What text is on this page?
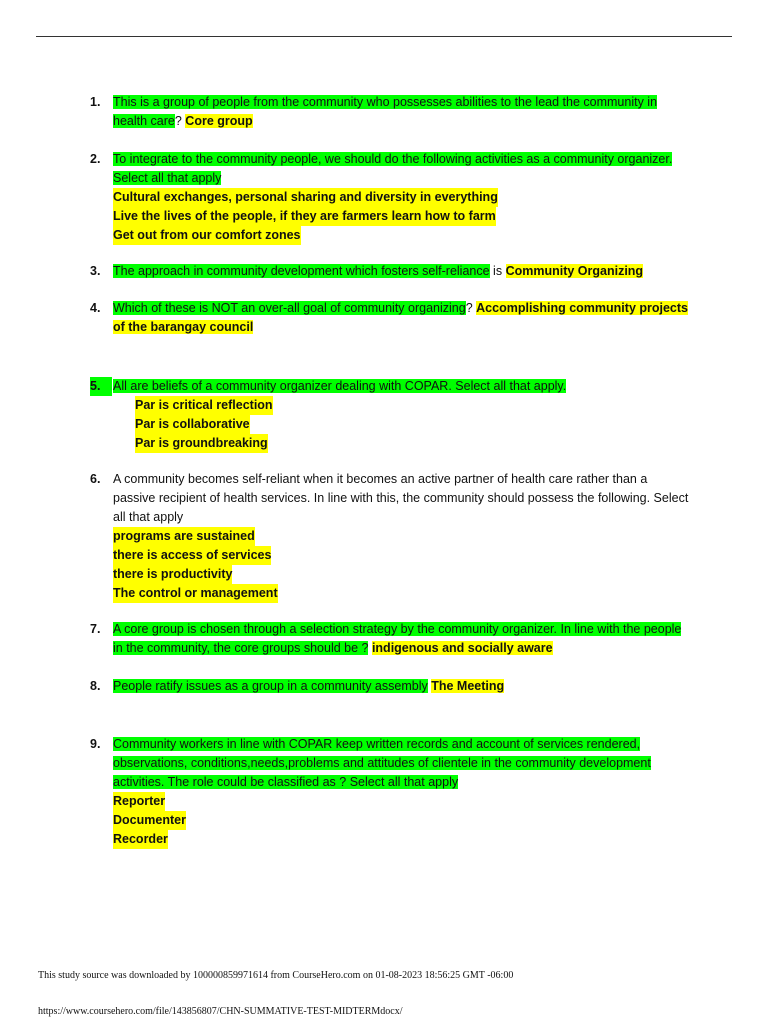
1.	This is a group of people from the community who possesses abilities to the lead the community in health care? Core group
2.	To integrate to the community people, we should do the following activities as a community organizer. Select all that apply
Cultural exchanges, personal sharing and diversity in everything
Live the lives of the people, if they are farmers learn how to farm
Get out from our comfort zones
3.	The approach in community development which fosters self-reliance is Community Organizing
4.	Which of these is NOT an over-all goal of community organizing? Accomplishing community projects of the barangay council
5.	All are beliefs of a community organizer dealing with COPAR. Select all that apply.
Par is critical reflection
Par is collaborative
Par is groundbreaking
6.	A community becomes self-reliant when it becomes an active partner of health care rather than a passive recipient of health services. In line with this, the community should possess the following. Select all that apply
programs are sustained
there is access of services
there is productivity
The control or management
7.	A core group is chosen through a selection strategy by the community organizer. In line with the people in the community, the core groups should be ? indigenous and socially aware
8.	People ratify issues as a group in a community assembly The Meeting
9.	Community workers in line with COPAR keep written records and account of services rendered, observations, conditions,needs,problems and attitudes of clientele in the community development activities. The role could be classified as ? Select all that apply
Reporter
Documenter
Recorder
This study source was downloaded by 100000859971614 from CourseHero.com on 01-08-2023 18:56:25 GMT -06:00
https://www.coursehero.com/file/143856807/CHN-SUMMATIVE-TEST-MIDTERMdocx/
